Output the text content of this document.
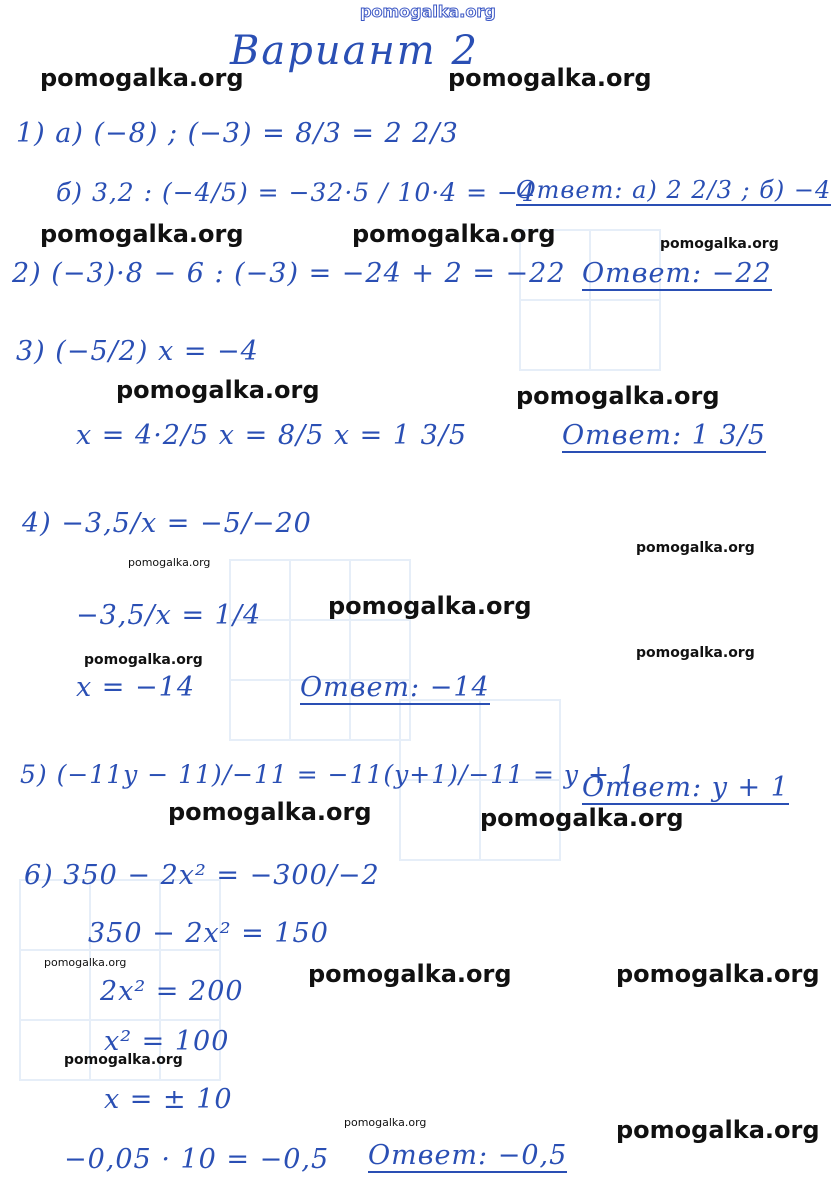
pomogalka.org
Вариант 2
pomogalka.org	pomogalka.org
pomogalka.org	pomogalka.org	pomogalka.org
pomogalka.org	pomogalka.org
pomogalka.org
pomogalka.org
pomogalka.org
pomogalka.org	pomogalka.org
pomogalka.org	pomogalka.org
pomogalka.org	pomogalka.org	pomogalka.org
pomogalka.org
pomogalka.org	pomogalka.org
1) а) (−8) ; (−3) = 8/3 = 2 2/3
б) 3,2 : (−4/5) = −32·5 / 10·4 = −4
Ответ: а) 2 2/3 ; б) −4
2) (−3)·8 − 6 : (−3) = −24 + 2 = −22 Ответ: −22
3) (−5/2) x = −4
x = 4·2/5 x = 8/5 x = 1 3/5	Ответ: 1 3/5
4) −3,5/x = −5/−20
−3,5/x = 1/4
x = −14	Ответ: −14
5) (−11y − 11)/−11 = −11(y+1)/−11 = y + 1
Ответ: y + 1
6) 350 − 2x² = −300/−2
350 − 2x² = 150
2x² = 200
x² = 100
x = ± 10
−0,05 · 10 = −0,5 Ответ: −0,5
